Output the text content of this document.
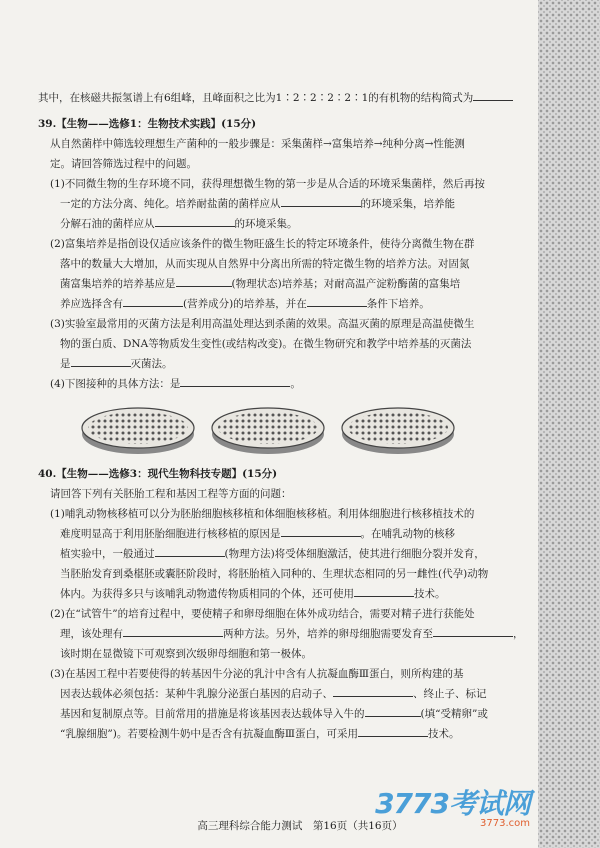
其中，在核磁共振氢谱上有6组峰，且峰面积之比为1∶2∶2∶2∶2∶1的有机物的结构简式为
39.【生物——选修1：生物技术实践】(15分)
从自然菌样中筛选较理想生产菌种的一般步骤是：采集菌样→富集培养→纯种分离→性能测
定。请回答筛选过程中的问题。
(1)不同微生物的生存环境不同，获得理想微生物的第一步是从合适的环境采集菌样，然后再按
一定的方法分离、纯化。培养耐盐菌的菌样应从	的环境采集，培养能
分解石油的菌样应从	的环境采集。
(2)富集培养是指创设仅适应该条件的微生物旺盛生长的特定环境条件，使待分离微生物在群
落中的数量大大增加，从而实现从自然界中分离出所需的特定微生物的培养方法。对固氮
菌富集培养的培养基应是	(物理状态)培养基；对耐高温产淀粉酶菌的富集培
养应选择含有	(营养成分)的培养基，并在	条件下培养。
(3)实验室最常用的灭菌方法是利用高温处理达到杀菌的效果。高温灭菌的原理是高温使微生
物的蛋白质、DNA等物质发生变性(或结构改变)。在微生物研究和教学中培养基的灭菌法
是	灭菌法。
(4)下图接种的具体方法：是	。
40.【生物——选修3：现代生物科技专题】(15分)
请回答下列有关胚胎工程和基因工程等方面的问题：
(1)哺乳动物核移植可以分为胚胎细胞核移植和体细胞核移植。利用体细胞进行核移植技术的
难度明显高于利用胚胎细胞进行核移植的原因是	。在哺乳动物的核移
植实验中，一般通过	(物理方法)将受体细胞激活，使其进行细胞分裂并发育，
当胚胎发育到桑椹胚或囊胚阶段时，将胚胎植入同种的、生理状态相同的另一雌性(代孕)动物
体内。为获得多只与该哺乳动物遗传物质相同的个体，还可使用	技术。
(2)在“试管牛”的培育过程中，要使精子和卵母细胞在体外成功结合，需要对精子进行获能处
理，该处理有	两种方法。另外，培养的卵母细胞需要发育至	，
该时期在显微镜下可观察到次级卵母细胞和第一极体。
(3)在基因工程中若要使得的转基因牛分泌的乳汁中含有人抗凝血酶Ⅲ蛋白，则所构建的基
因表达载体必须包括：某种牛乳腺分泌蛋白基因的启动子、	、终止子、标记
基因和复制原点等。目前常用的措施是将该基因表达载体导入牛的	(填“受精卵”或
“乳腺细胞”)。若要检测牛奶中是否含有抗凝血酶Ⅲ蛋白，可采用	技术。
3773考试网
3773.com
高三理科综合能力测试　第16页（共16页）
